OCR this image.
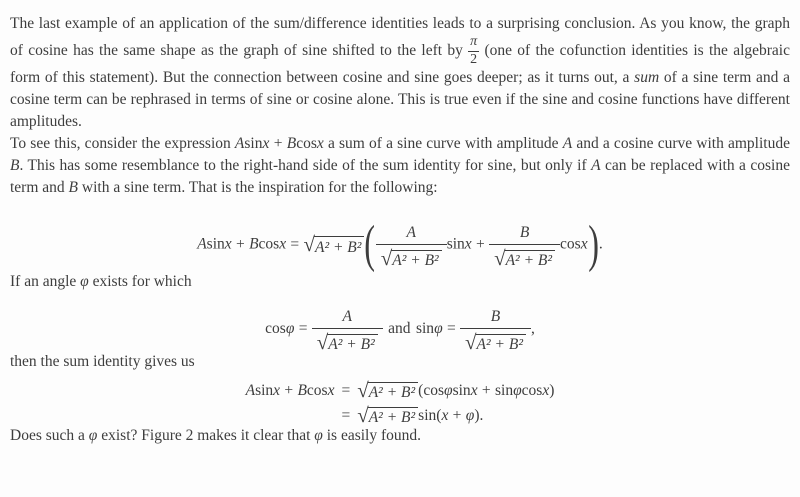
The last example of an application of the sum/difference identities leads to a surprising conclusion. As you know, the graph of cosine has the same shape as the graph of sine shifted to the left by $\frac{\pi}{2} (one$ of the cofunction identities is the algebraic form of this statement). But the connection between cosine and sine goes deeper; as it turns out, a sum of a sine term and a cosine term can be rephrased in terms of sine or cosine alone. This is true even if the sine and cosine functions have different amplitudes.

To see this, consider the expression Asinx + Bcosx a sum of a sine curve with amplitude A and a cosine curve with amplitude B. This has some resemblance to the right-hand side of the sum identity for sine, but only if A can be replaced with a cosine term and B with a sine term. That is the inspiration for the following:

Asinx + Bcosx = √ A² + B² ( $\frac{A}{\text{√ A² + B²}}$ $\sin x + \frac{B}{\text{√ A² + B²}} \cos x$).

If an angle φ exists for which

$\cos\varphi = \frac{A}{\text{√ A² + B²}}$ and $\sin\varphi = \frac{B}{\text{√ A² + B²}}$ ,

then the sum identity gives us

Asinx + Bcosx = √ A² + B² (cosφsinx + sinφcosx)
= √ A² + B² sin(x + φ).

Does such a φ exist? Figure 2 makes it clear that φ is easily found.
